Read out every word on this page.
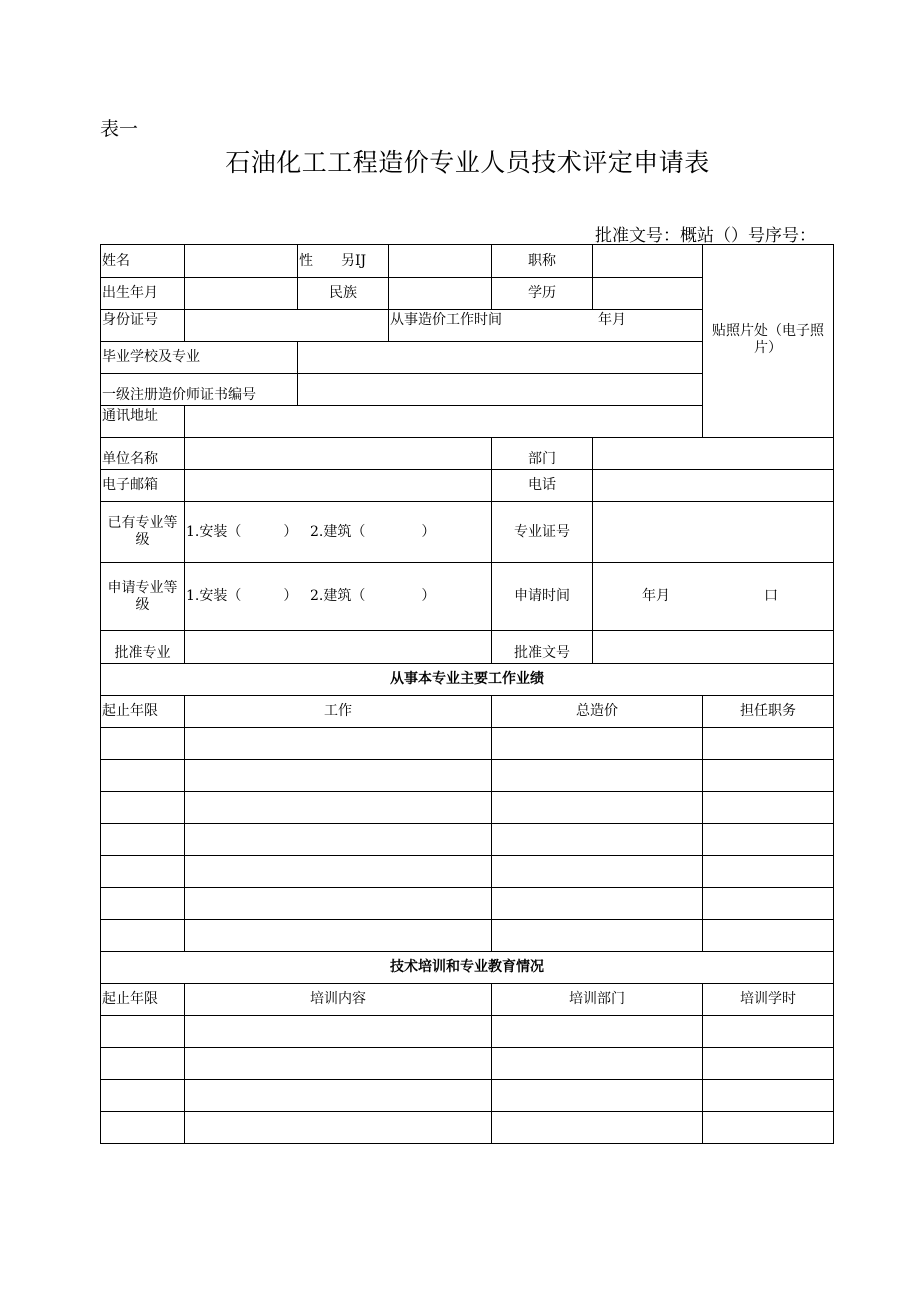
表一
石油化工工程造价专业人员技术评定申请表
批准文号：概站（）号序号：
姓名		性　　另IJ		职称		贴照片处（电子照片）
出生年月		民族		学历		
身份证号			从事造价工作时间 年月			
毕业学校及专业						
一级注册造价师证书编号						
通讯地址						
单位名称				部门		
电子邮箱				电话		
已有专业等级	1.安装（　　　） 2.建筑（　　　　）			专业证号		
申请专业等级	1.安装（　　　） 2.建筑（　　　　）			申请时间	年月 口	
批准专业				批准文号		
从事本专业主要工作业绩						
起止年限	工作			总造价		担任职务

技术培训和专业教育情况						
起止年限	培训内容			培训部门		培训学时
